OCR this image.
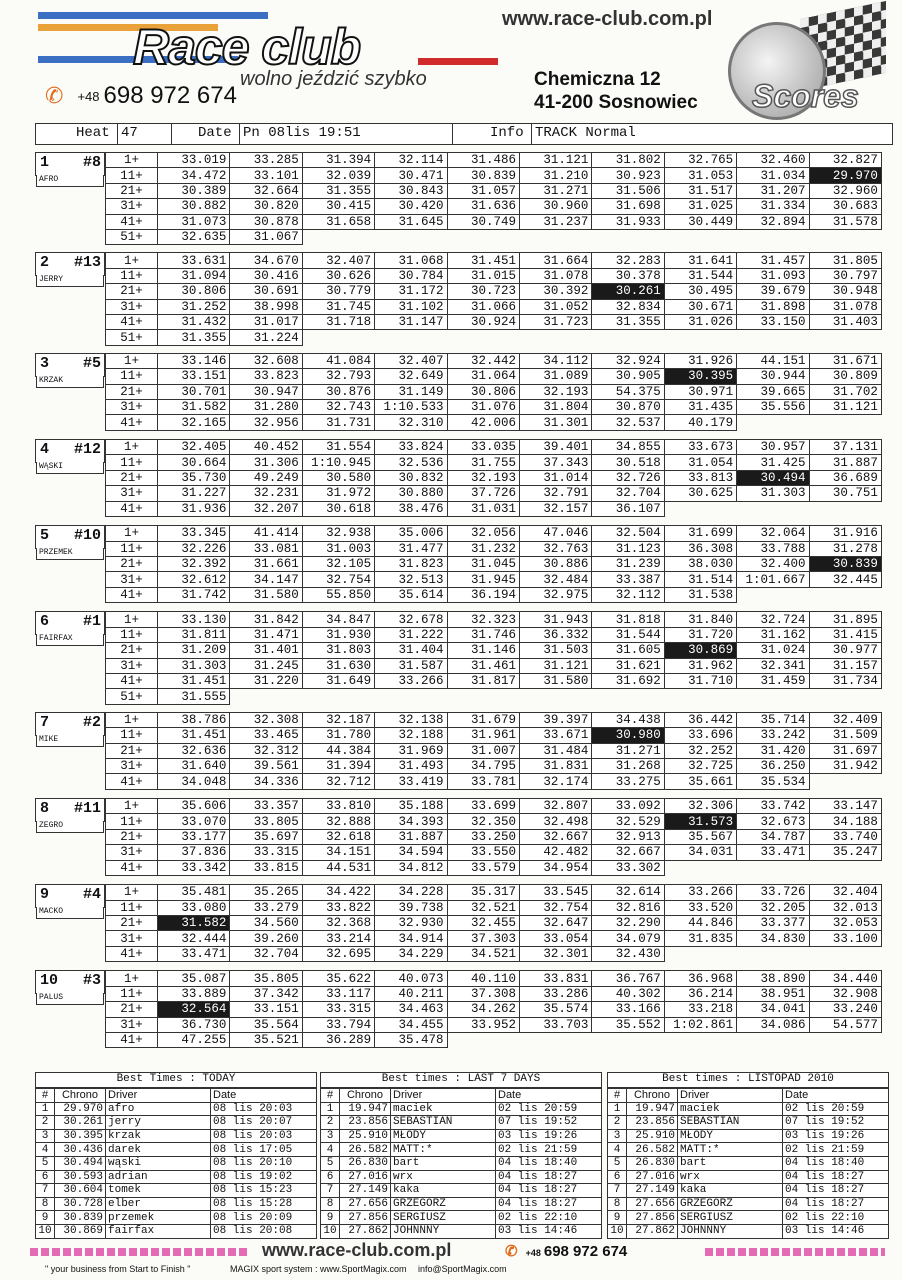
Race club
wolno jeździć szybko
✆ +48 698 972 674
www.race-club.com.pl
Chemiczna 12
41-200 Sosnowiec Scores
Heat 47	Date Pn 08lis 19:51	Info TRACK Normal
1 #8
AFRO
1+	33.019	33.285	31.394	32.114	31.486	31.121	31.802	32.765	32.460	32.827
11+	34.472	33.101	32.039	30.471	30.839	31.210	30.923	31.053	31.034	29.970
21+	30.389	32.664	31.355	30.843	31.057	31.271	31.506	31.517	31.207	32.960
31+	30.882	30.820	30.415	30.420	31.636	30.960	31.698	31.025	31.334	30.683
41+	31.073	30.878	31.658	31.645	30.749	31.237	31.933	30.449	32.894	31.578
51+	32.635	31.067								
2 #13
JERRY
1+	33.631	34.670	32.407	31.068	31.451	31.664	32.283	31.641	31.457	31.805
11+	31.094	30.416	30.626	30.784	31.015	31.078	30.378	31.544	31.093	30.797
21+	30.806	30.691	30.779	31.172	30.723	30.392	30.261	30.495	39.679	30.948
31+	31.252	38.998	31.745	31.102	31.066	31.052	32.834	30.671	31.898	31.078
41+	31.432	31.017	31.718	31.147	30.924	31.723	31.355	31.026	33.150	31.403
51+	31.355	31.224								
3 #5
KRZAK
1+	33.146	32.608	41.084	32.407	32.442	34.112	32.924	31.926	44.151	31.671
11+	33.151	33.823	32.793	32.649	31.064	31.089	30.905	30.395	30.944	30.809
21+	30.701	30.947	30.876	31.149	30.806	32.193	54.375	30.971	39.665	31.702
31+	31.582	31.280	32.743	1:10.533	31.076	31.804	30.870	31.435	35.556	31.121
41+	32.165	32.956	31.731	32.310	42.006	31.301	32.537	40.179		
4 #12
WĄSKI
1+	32.405	40.452	31.554	33.824	33.035	39.401	34.855	33.673	30.957	37.131
11+	30.664	31.306	1:10.945	32.536	31.755	37.343	30.518	31.054	31.425	31.887
21+	35.730	49.249	30.580	30.832	32.193	31.014	32.726	33.813	30.494	36.689
31+	31.227	32.231	31.972	30.880	37.726	32.791	32.704	30.625	31.303	30.751
41+	31.936	32.207	30.618	38.476	31.031	32.157	36.107			
5 #10
PRZEMEK
1+	33.345	41.414	32.938	35.006	32.056	47.046	32.504	31.699	32.064	31.916
11+	32.226	33.081	31.003	31.477	31.232	32.763	31.123	36.308	33.788	31.278
21+	32.392	31.661	32.105	31.823	31.045	30.886	31.239	38.030	32.400	30.839
31+	32.612	34.147	32.754	32.513	31.945	32.484	33.387	31.514	1:01.667	32.445
41+	31.742	31.580	55.850	35.614	36.194	32.975	32.112	31.538		
6 #1
FAIRFAX
1+	33.130	31.842	34.847	32.678	32.323	31.943	31.818	31.840	32.724	31.895
11+	31.811	31.471	31.930	31.222	31.746	36.332	31.544	31.720	31.162	31.415
21+	31.209	31.401	31.803	31.404	31.146	31.503	31.605	30.869	31.024	30.977
31+	31.303	31.245	31.630	31.587	31.461	31.121	31.621	31.962	32.341	31.157
41+	31.451	31.220	31.649	33.266	31.817	31.580	31.692	31.710	31.459	31.734
51+	31.555									
7 #2
MIKE
1+	38.786	32.308	32.187	32.138	31.679	39.397	34.438	36.442	35.714	32.409
11+	31.451	33.465	31.780	32.188	31.961	33.671	30.980	33.696	33.242	31.509
21+	32.636	32.312	44.384	31.969	31.007	31.484	31.271	32.252	31.420	31.697
31+	31.640	39.561	31.394	31.493	34.795	31.831	31.268	32.725	36.250	31.942
41+	34.048	34.336	32.712	33.419	33.781	32.174	33.275	35.661	35.534	
8 #11
ZEGRO
1+	35.606	33.357	33.810	35.188	33.699	32.807	33.092	32.306	33.742	33.147
11+	33.070	33.805	32.888	34.393	32.350	32.498	32.529	31.573	32.673	34.188
21+	33.177	35.697	32.618	31.887	33.250	32.667	32.913	35.567	34.787	33.740
31+	37.836	33.315	34.151	34.594	33.550	42.482	32.667	34.031	33.471	35.247
41+	33.342	33.815	44.531	34.812	33.579	34.954	33.302			
9 #4
MACKO
1+	35.481	35.265	34.422	34.228	35.317	33.545	32.614	33.266	33.726	32.404
11+	33.080	33.279	33.822	39.738	32.521	32.754	32.816	33.520	32.205	32.013
21+	31.582	34.560	32.368	32.930	32.455	32.647	32.290	44.846	33.377	32.053
31+	32.444	39.260	33.214	34.914	37.303	33.054	34.079	31.835	34.830	33.100
41+	33.471	32.704	32.695	34.229	34.521	32.301	32.430			
10 #3
PALUS
1+	35.087	35.805	35.622	40.073	40.110	33.831	36.767	36.968	38.890	34.440
11+	33.889	37.342	33.117	40.211	37.308	33.286	40.302	36.214	38.951	32.908
21+	32.564	33.151	33.315	34.463	34.262	35.574	33.166	33.218	34.041	33.240
31+	36.730	35.564	33.794	34.455	33.952	33.703	35.552	1:02.861	34.086	54.577
41+	47.255	35.521	36.289	35.478						
Best Times : TODAY
#	Chrono	Driver	Date
1	29.970	afro	08 lis 20:03
2	30.261	jerry	08 lis 20:07
3	30.395	krzak	08 lis 20:03
4	30.436	darek	08 lis 17:05
5	30.494	wąski	08 lis 20:10
6	30.593	adrian	08 lis 19:02
7	30.604	tomek	08 lis 15:23
8	30.728	elber	08 lis 15:28
9	30.839	przemek	08 lis 20:09
10	30.869	fairfax	08 lis 20:08
Best times : LAST 7 DAYS
#	Chrono	Driver	Date
1	19.947	maciek	02 lis 20:59
2	23.856	SEBASTIAN	07 lis 19:52
3	25.910	MŁODY	03 lis 19:26
4	26.582	MATT:*	02 lis 21:59
5	26.830	bart	04 lis 18:40
6	27.016	wrx	04 lis 18:27
7	27.149	kaka	04 lis 18:27
8	27.656	GRZEGORZ	04 lis 18:27
9	27.856	SERGIUSZ	02 lis 22:10
10	27.862	JOHNNNY	03 lis 14:46
Best times : LISTOPAD 2010
#	Chrono	Driver	Date
1	19.947	maciek	02 lis 20:59
2	23.856	SEBASTIAN	07 lis 19:52
3	25.910	MŁODY	03 lis 19:26
4	26.582	MATT:*	02 lis 21:59
5	26.830	bart	04 lis 18:40
6	27.016	wrx	04 lis 18:27
7	27.149	kaka	04 lis 18:27
8	27.656	GRZEGORZ	04 lis 18:27
9	27.856	SERGIUSZ	02 lis 22:10
10	27.862	JOHNNNY	03 lis 14:46
www.race-club.com.pl	✆ +48 698 972 674
" your business from Start to Finish "	MAGIX sport system : www.SportMagix.com info@SportMagix.com
